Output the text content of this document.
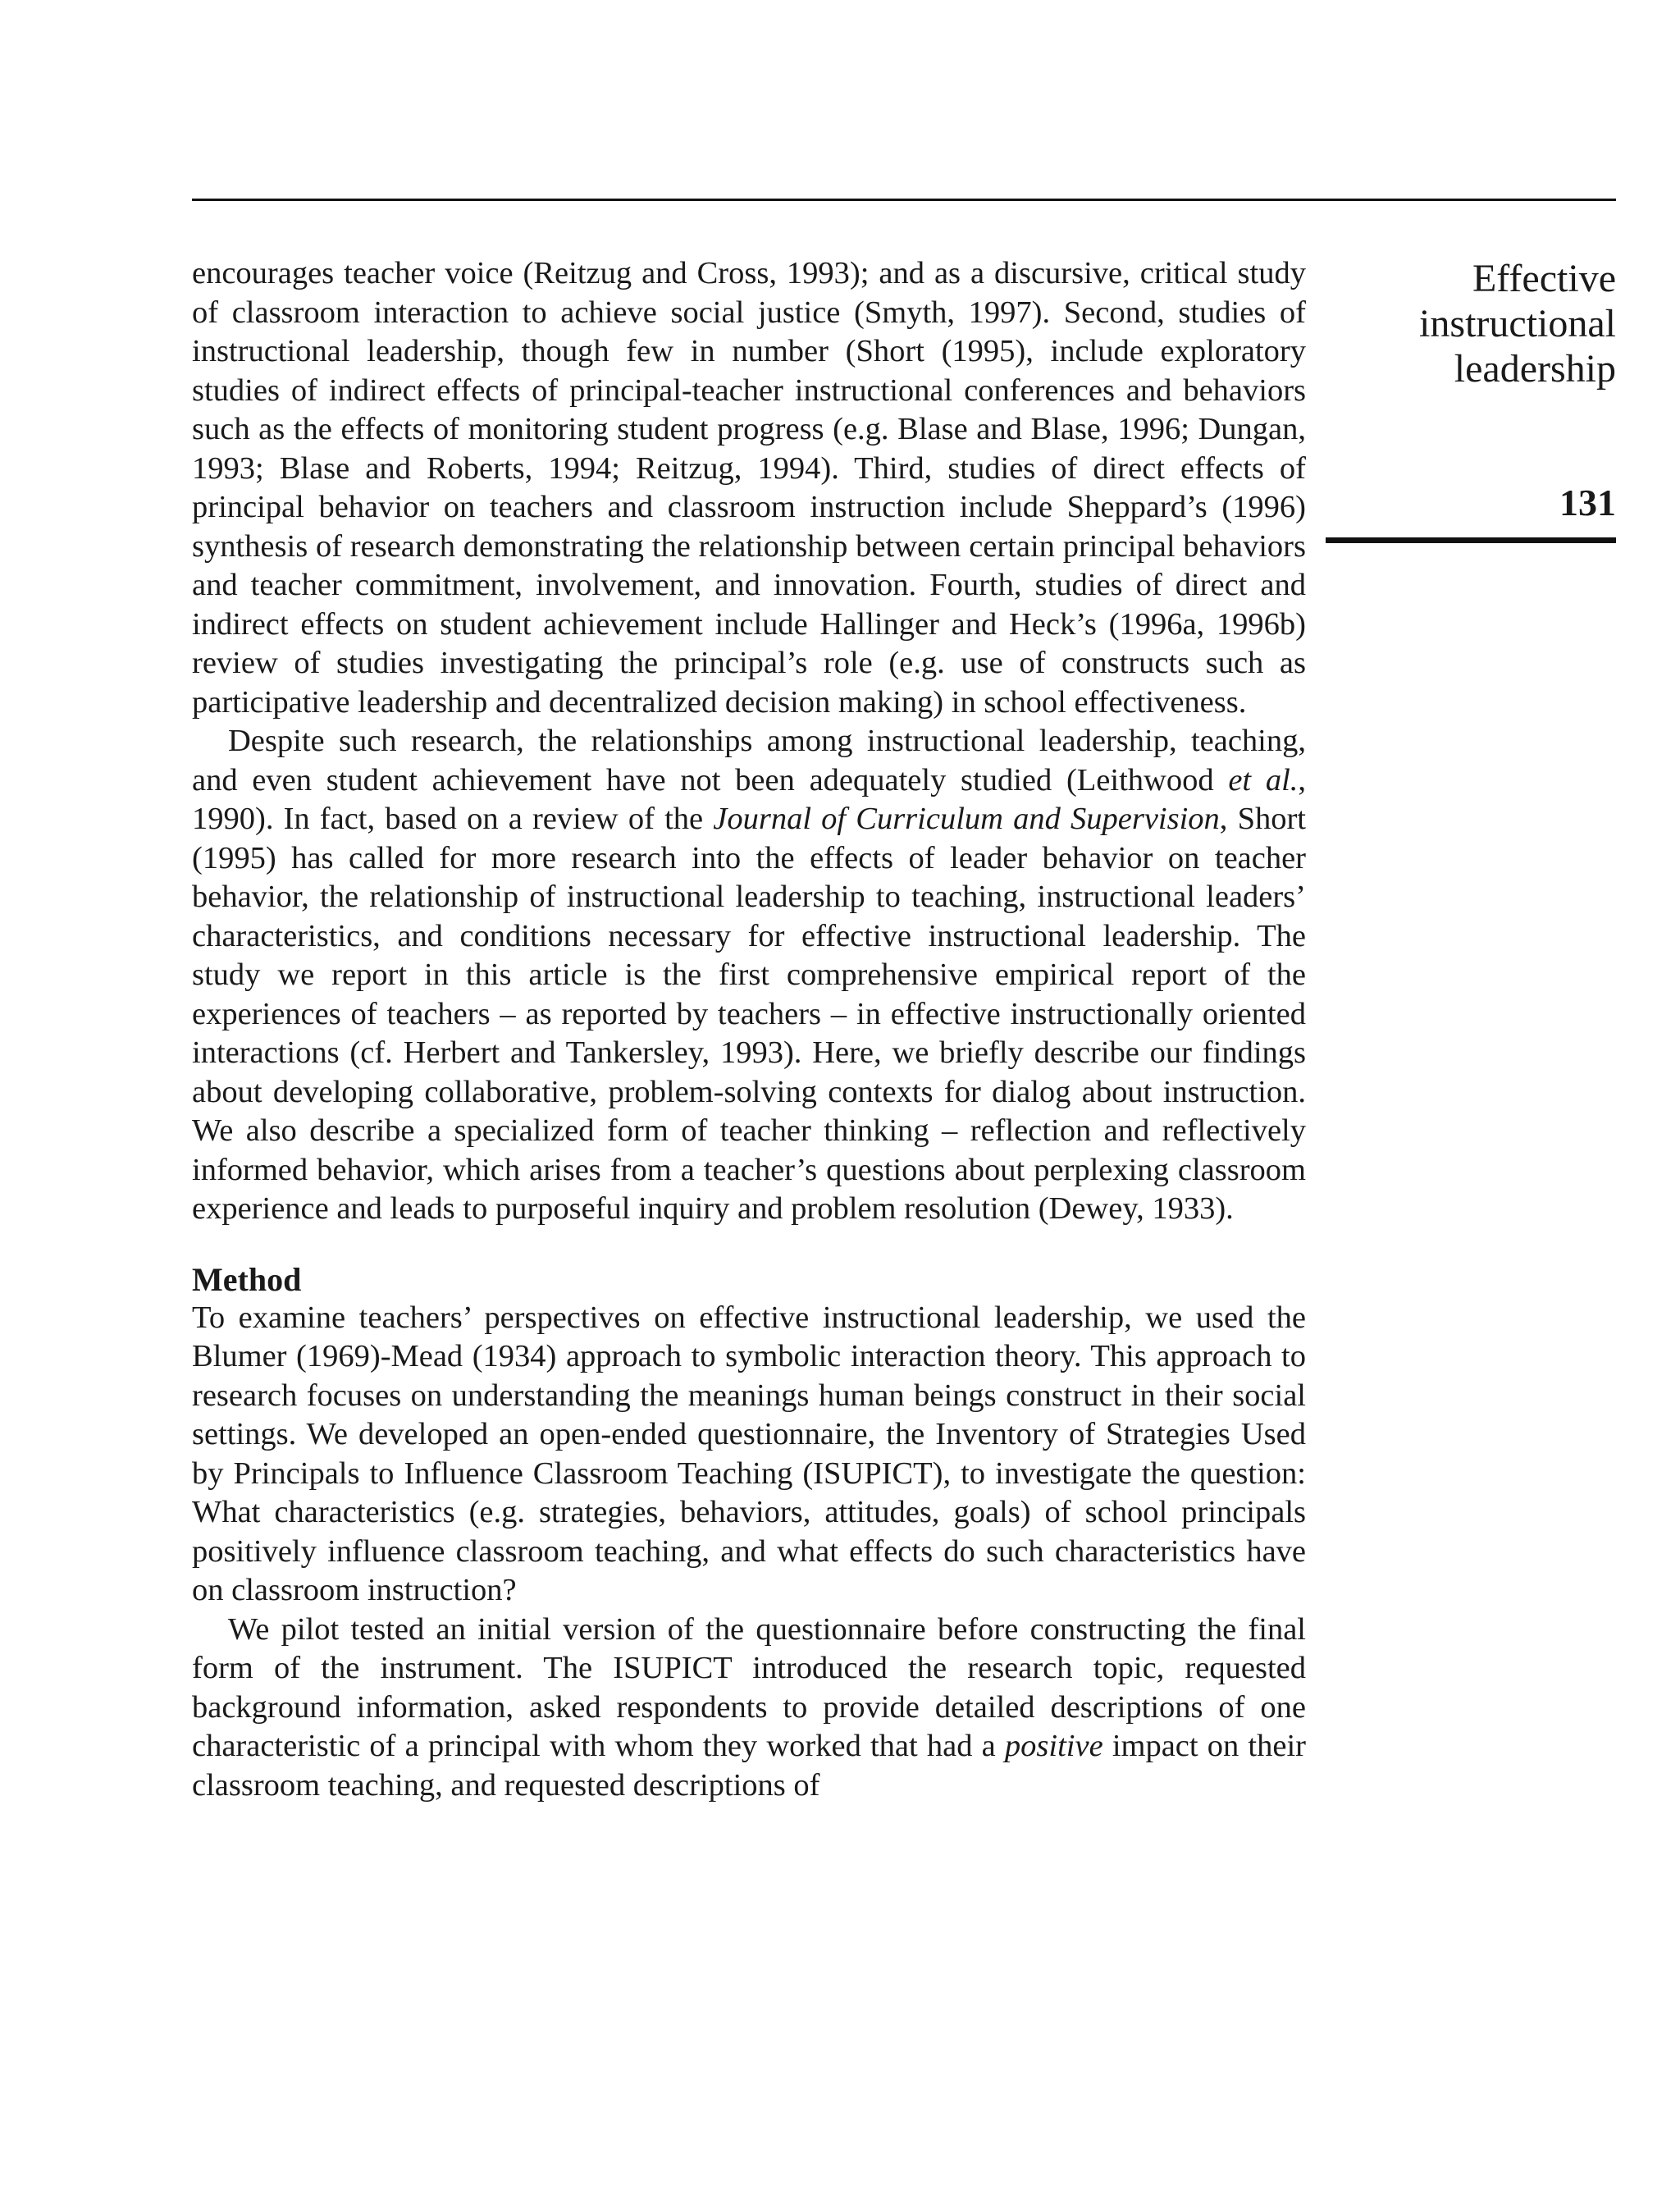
Effective
instructional
leadership
131

encourages teacher voice (Reitzug and Cross, 1993); and as a discursive, critical study of classroom interaction to achieve social justice (Smyth, 1997). Second, studies of instructional leadership, though few in number (Short (1995), include exploratory studies of indirect effects of principal-teacher instructional conferences and behaviors such as the effects of monitoring student progress (e.g. Blase and Blase, 1996; Dungan, 1993; Blase and Roberts, 1994; Reitzug, 1994). Third, studies of direct effects of principal behavior on teachers and classroom instruction include Sheppard’s (1996) synthesis of research demonstrating the relationship between certain principal behaviors and teacher commitment, involvement, and innovation. Fourth, studies of direct and indirect effects on student achievement include Hallinger and Heck’s (1996a, 1996b) review of studies investigating the principal’s role (e.g. use of constructs such as participative leadership and decentralized decision making) in school effectiveness.

Despite such research, the relationships among instructional leadership, teaching, and even student achievement have not been adequately studied (Leithwood et al., 1990). In fact, based on a review of the Journal of Curriculum and Supervision, Short (1995) has called for more research into the effects of leader behavior on teacher behavior, the relationship of instructional leadership to teaching, instructional leaders’ characteristics, and conditions necessary for effective instructional leadership. The study we report in this article is the first comprehensive empirical report of the experiences of teachers – as reported by teachers – in effective instructionally oriented interactions (cf. Herbert and Tankersley, 1993). Here, we briefly describe our findings about developing collaborative, problem-solving contexts for dialog about instruction. We also describe a specialized form of teacher thinking – reflection and reflectively informed behavior, which arises from a teacher’s questions about perplexing classroom experience and leads to purposeful inquiry and problem resolution (Dewey, 1933).

Method

To examine teachers’ perspectives on effective instructional leadership, we used the Blumer (1969)-Mead (1934) approach to symbolic interaction theory. This approach to research focuses on understanding the meanings human beings construct in their social settings. We developed an open-ended questionnaire, the Inventory of Strategies Used by Principals to Influence Classroom Teaching (ISUPICT), to investigate the question: What characteristics (e.g. strategies, behaviors, attitudes, goals) of school principals positively influence classroom teaching, and what effects do such characteristics have on classroom instruction?

We pilot tested an initial version of the questionnaire before constructing the final form of the instrument. The ISUPICT introduced the research topic, requested background information, asked respondents to provide detailed descriptions of one characteristic of a principal with whom they worked that had a positive impact on their classroom teaching, and requested descriptions of
